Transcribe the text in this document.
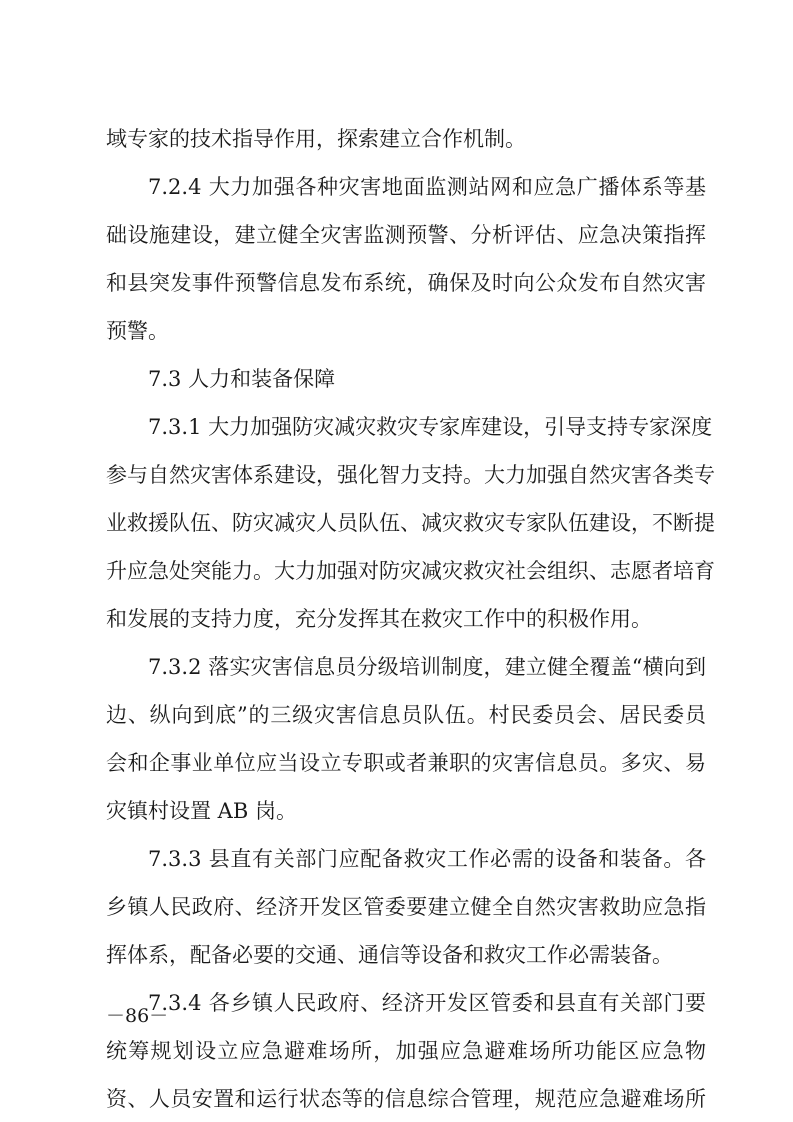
域专家的技术指导作用，探索建立合作机制。
7.2.4 大力加强各种灾害地面监测站网和应急广播体系等基
础设施建设，建立健全灾害监测预警、分析评估、应急决策指挥
和县突发事件预警信息发布系统，确保及时向公众发布自然灾害
预警。
7.3 人力和装备保障
7.3.1 大力加强防灾减灾救灾专家库建设，引导支持专家深度
参与自然灾害体系建设，强化智力支持。大力加强自然灾害各类专
业救援队伍、防灾减灾人员队伍、减灾救灾专家队伍建设，不断提
升应急处突能力。大力加强对防灾减灾救灾社会组织、志愿者培育
和发展的支持力度，充分发挥其在救灾工作中的积极作用。
7.3.2 落实灾害信息员分级培训制度，建立健全覆盖“横向到
边、纵向到底”的三级灾害信息员队伍。村民委员会、居民委员
会和企事业单位应当设立专职或者兼职的灾害信息员。多灾、易
灾镇村设置 AB 岗。
7.3.3 县直有关部门应配备救灾工作必需的设备和装备。各
乡镇人民政府、经济开发区管委要建立健全自然灾害救助应急指
挥体系，配备必要的交通、通信等设备和救灾工作必需装备。
7.3.4 各乡镇人民政府、经济开发区管委和县直有关部门要
统筹规划设立应急避难场所，加强应急避难场所功能区应急物
资、人员安置和运行状态等的信息综合管理，规范应急避难场所
－86－
